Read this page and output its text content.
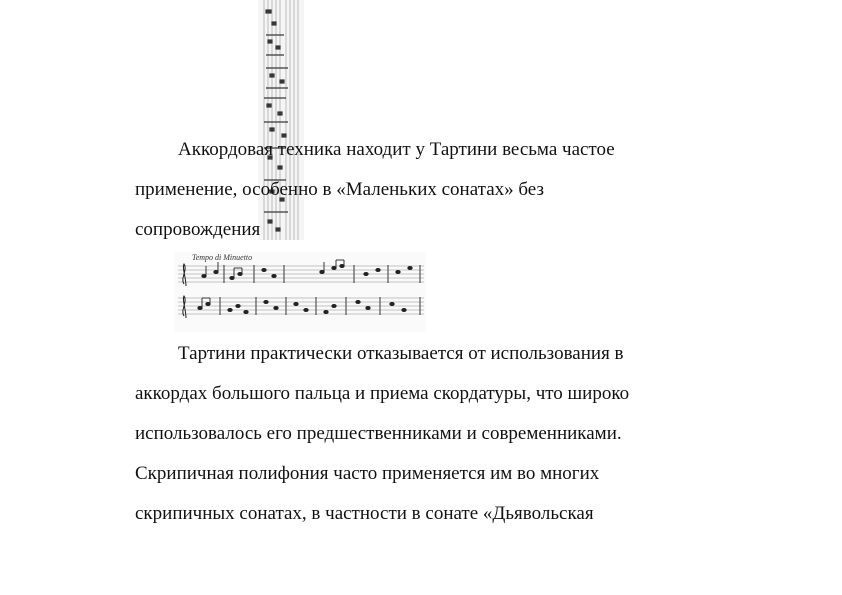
Аккордовая техника находит у Тартини весьма частое
применение, особенно в «Маленьких сонатах» без
сопровождения
Tempo di Minuetto
Тартини практически отказывается от использования в
аккордах большого пальца и приема скордатуры, что широко
использовалось его предшественниками и современниками.
Скрипичная полифония часто применяется им во многих
скрипичных сонатах, в частности в сонате «Дьявольская
